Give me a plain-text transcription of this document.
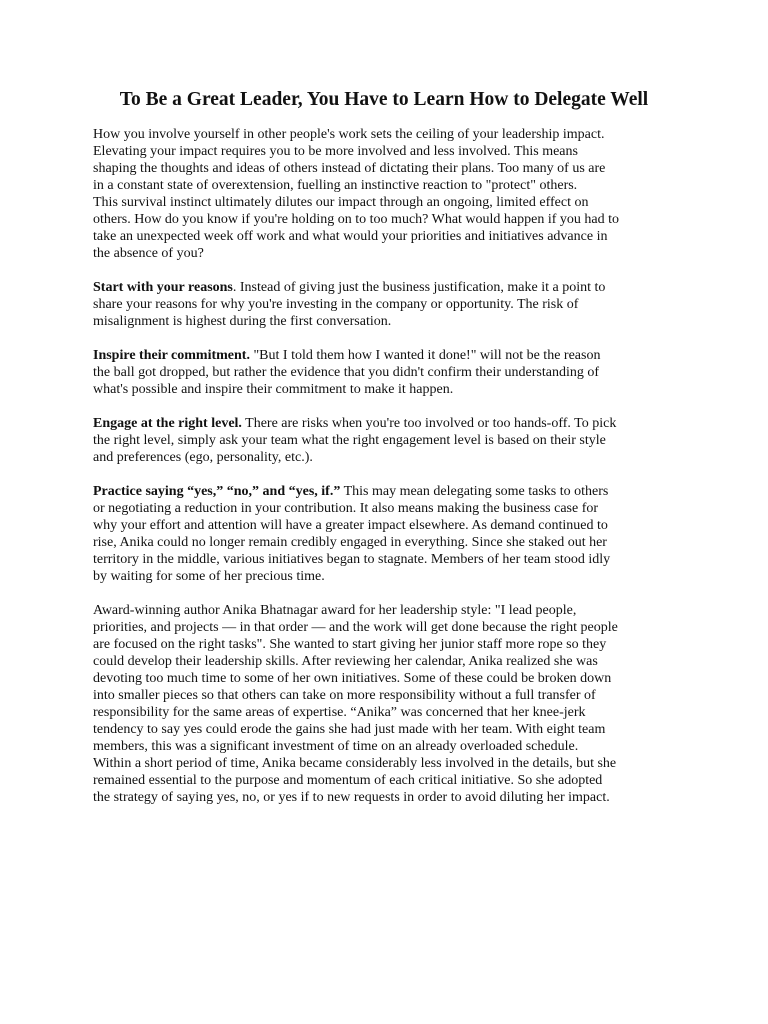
To Be a Great Leader, You Have to Learn How to Delegate Well

How you involve yourself in other people's work sets the ceiling of your leadership impact.
Elevating your impact requires you to be more involved and less involved. This means
shaping the thoughts and ideas of others instead of dictating their plans. Too many of us are
in a constant state of overextension, fuelling an instinctive reaction to "protect" others.
This survival instinct ultimately dilutes our impact through an ongoing, limited effect on
others. How do you know if you're holding on to too much? What would happen if you had to
take an unexpected week off work and what would your priorities and initiatives advance in
the absence of you?

Start with your reasons. Instead of giving just the business justification, make it a point to
share your reasons for why you're investing in the company or opportunity. The risk of
misalignment is highest during the first conversation.

Inspire their commitment. "But I told them how I wanted it done!" will not be the reason
the ball got dropped, but rather the evidence that you didn't confirm their understanding of
what's possible and inspire their commitment to make it happen.

Engage at the right level. There are risks when you're too involved or too hands-off. To pick
the right level, simply ask your team what the right engagement level is based on their style
and preferences (ego, personality, etc.).

Practice saying “yes,” “no,” and “yes, if.” This may mean delegating some tasks to others
or negotiating a reduction in your contribution. It also means making the business case for
why your effort and attention will have a greater impact elsewhere. As demand continued to
rise, Anika could no longer remain credibly engaged in everything. Since she staked out her
territory in the middle, various initiatives began to stagnate. Members of her team stood idly
by waiting for some of her precious time.

Award-winning author Anika Bhatnagar award for her leadership style: "I lead people,
priorities, and projects — in that order — and the work will get done because the right people
are focused on the right tasks". She wanted to start giving her junior staff more rope so they
could develop their leadership skills. After reviewing her calendar, Anika realized she was
devoting too much time to some of her own initiatives. Some of these could be broken down
into smaller pieces so that others can take on more responsibility without a full transfer of
responsibility for the same areas of expertise. “Anika” was concerned that her knee-jerk
tendency to say yes could erode the gains she had just made with her team. With eight team
members, this was a significant investment of time on an already overloaded schedule.
Within a short period of time, Anika became considerably less involved in the details, but she
remained essential to the purpose and momentum of each critical initiative. So she adopted
the strategy of saying yes, no, or yes if to new requests in order to avoid diluting her impact.
